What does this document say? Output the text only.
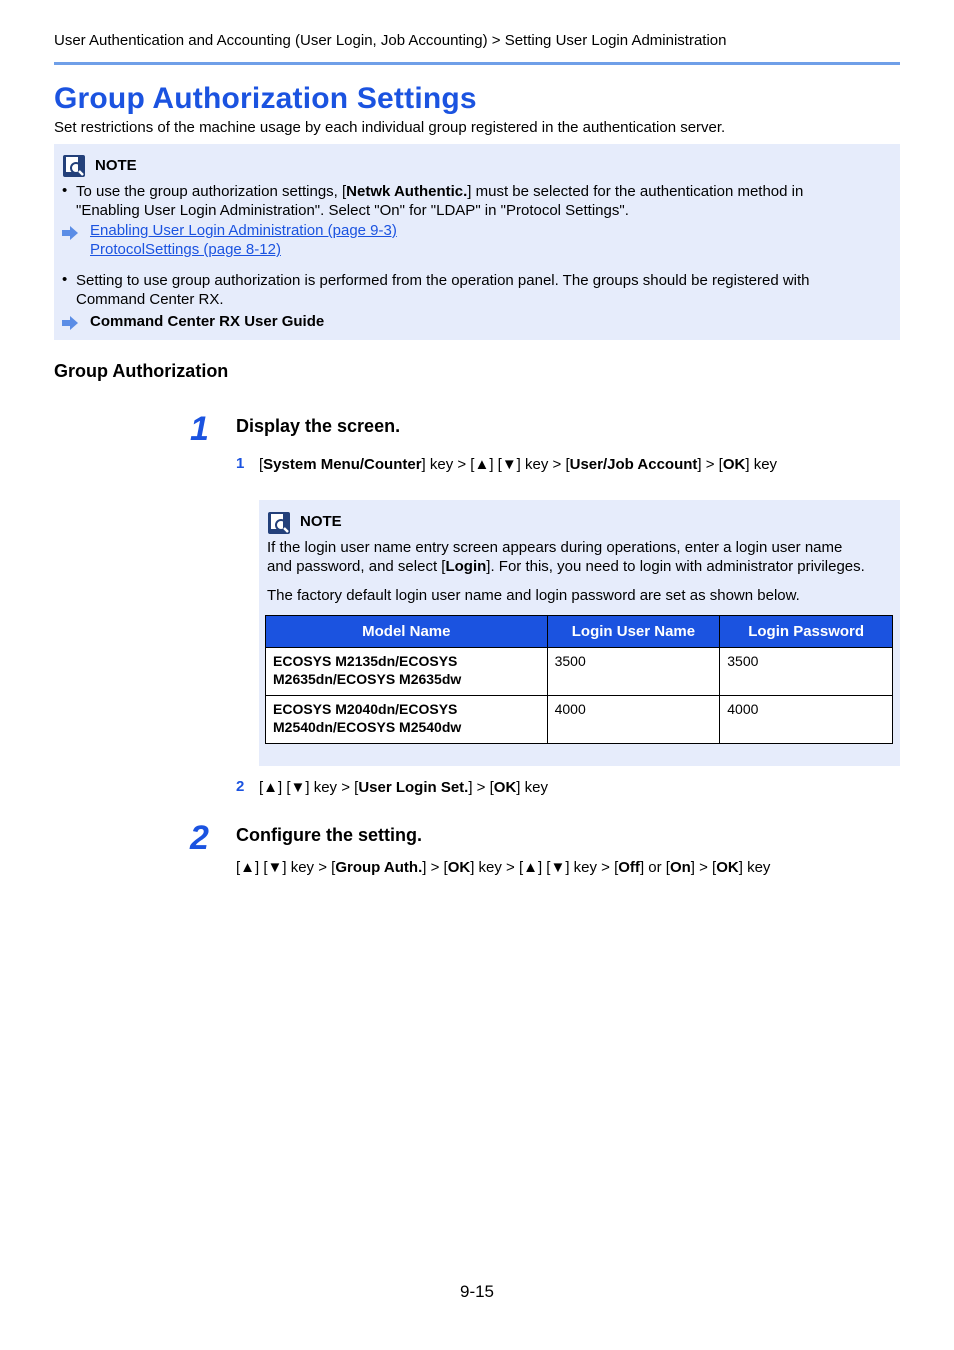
User Authentication and Accounting (User Login, Job Accounting) > Setting User Login Administration
Group Authorization Settings
Set restrictions of the machine usage by each individual group registered in the authentication server.
NOTE
• To use the group authorization settings, [Netwk Authentic.] must be selected for the authentication method in
"Enabling User Login Administration". Select "On" for "LDAP" in "Protocol Settings".
Enabling User Login Administration (page 9-3)
ProtocolSettings (page 8-12)
• Setting to use group authorization is performed from the operation panel. The groups should be registered with
Command Center RX.
Command Center RX User Guide
Group Authorization
1 Display the screen.
1 [System Menu/Counter] key > [▲] [▼] key > [User/Job Account] > [OK] key
NOTE
If the login user name entry screen appears during operations, enter a login user name
and password, and select [Login]. For this, you need to login with administrator privileges.
The factory default login user name and login password are set as shown below.
Model Name	Login User Name	Login Password

ECOSYS M2135dn/ECOSYS
M2635dn/ECOSYS M2635dw	3500	3500

ECOSYS M2040dn/ECOSYS
M2540dn/ECOSYS M2540dw	4000	4000
2 [▲] [▼] key > [User Login Set.] > [OK] key
2 Configure the setting.
[▲] [▼] key > [Group Auth.] > [OK] key > [▲] [▼] key > [Off] or [On] > [OK] key
9-15
